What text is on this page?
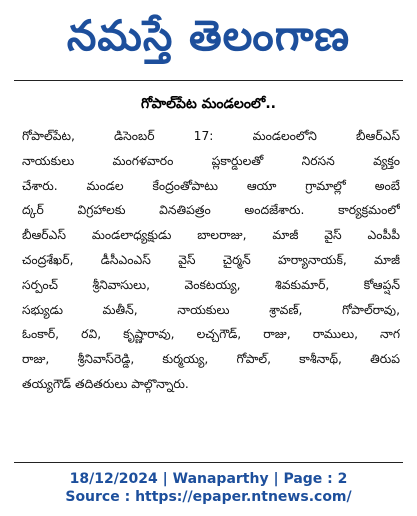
నమస్తే తెలంగాణ
గోపాల్‌పేట మండలంలో..
గోపాల్‌పేట, డిసెంబర్ 17: మండలంలోని బీఆర్‌ఎస్
నాయకులు మంగళవారం ప్లకార్డులతో నిరసన వ్యక్తం
చేశారు. మండల కేంద్రంతోపాటు ఆయా గ్రామాల్లో అంబే
ద్కర్ విగ్రహాలకు వినతిపత్రం అందజేశారు. కార్యక్రమంలో
బీఆర్‌ఎస్ మండలాధ్యక్షుడు బాలరాజు, మాజీ వైస్ ఎంపీపీ
చంద్రశేఖర్, డీసీఎంఎస్ వైస్ చైర్మన్ హర్యానాయక్, మాజీ
సర్పంచ్ శ్రీనివాసులు, వెంకటయ్య, శివకుమార్, కోఆప్షన్
సభ్యుడు మతీన్, నాయకులు శ్రావణ్, గోపాల్‌రావు,
ఓంకార్, రవి, కృష్ణారావు, లచ్చగౌడ్, రాజు, రాములు, నాగ
రాజు, శ్రీనివాస్‌రెడ్డి, కుర్మయ్య, గోపాల్, కాశీనాథ్, తిరుప
తయ్యగౌడ్ తదితరులు పాల్గొన్నారు.
18/12/2024 | Wanaparthy | Page : 2
Source : https://epaper.ntnews.com/
